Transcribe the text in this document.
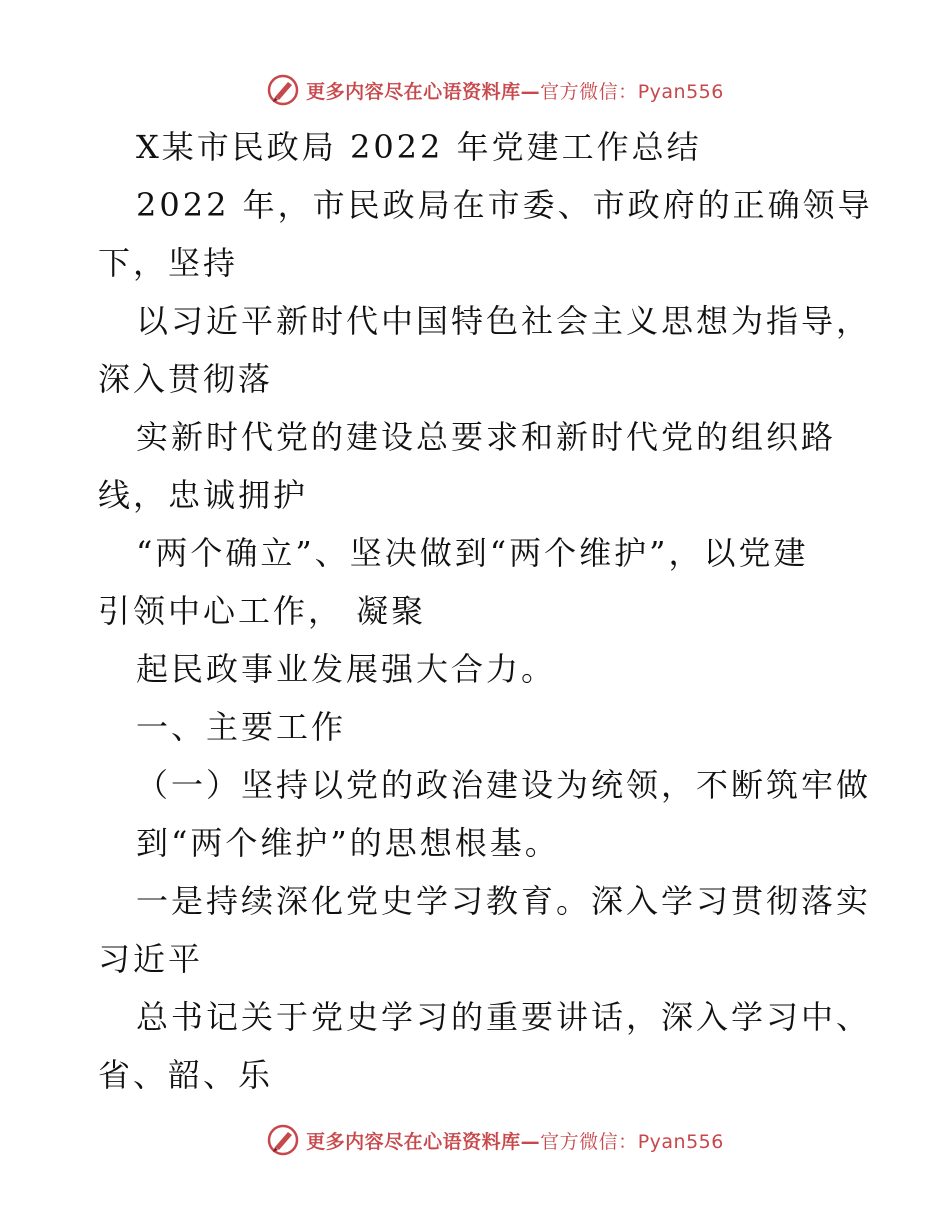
更多内容尽在心语资料库—官方微信：Pyan556
X某市民政局 2022 年党建工作总结
2022 年，市民政局在市委、市政府的正确领导
下，坚持
以习近平新时代中国特色社会主义思想为指导，
深入贯彻落
实新时代党的建设总要求和新时代党的组织路
线，忠诚拥护
“两个确立”、坚决做到“两个维护”，以党建
引领中心工作， 凝聚
起民政事业发展强大合力。
一、主要工作
（一）坚持以党的政治建设为统领，不断筑牢做
到“两个维护”的思想根基。
一是持续深化党史学习教育。深入学习贯彻落实
习近平
总书记关于党史学习的重要讲话，深入学习中、
省、韶、乐
更多内容尽在心语资料库—官方微信：Pyan556
